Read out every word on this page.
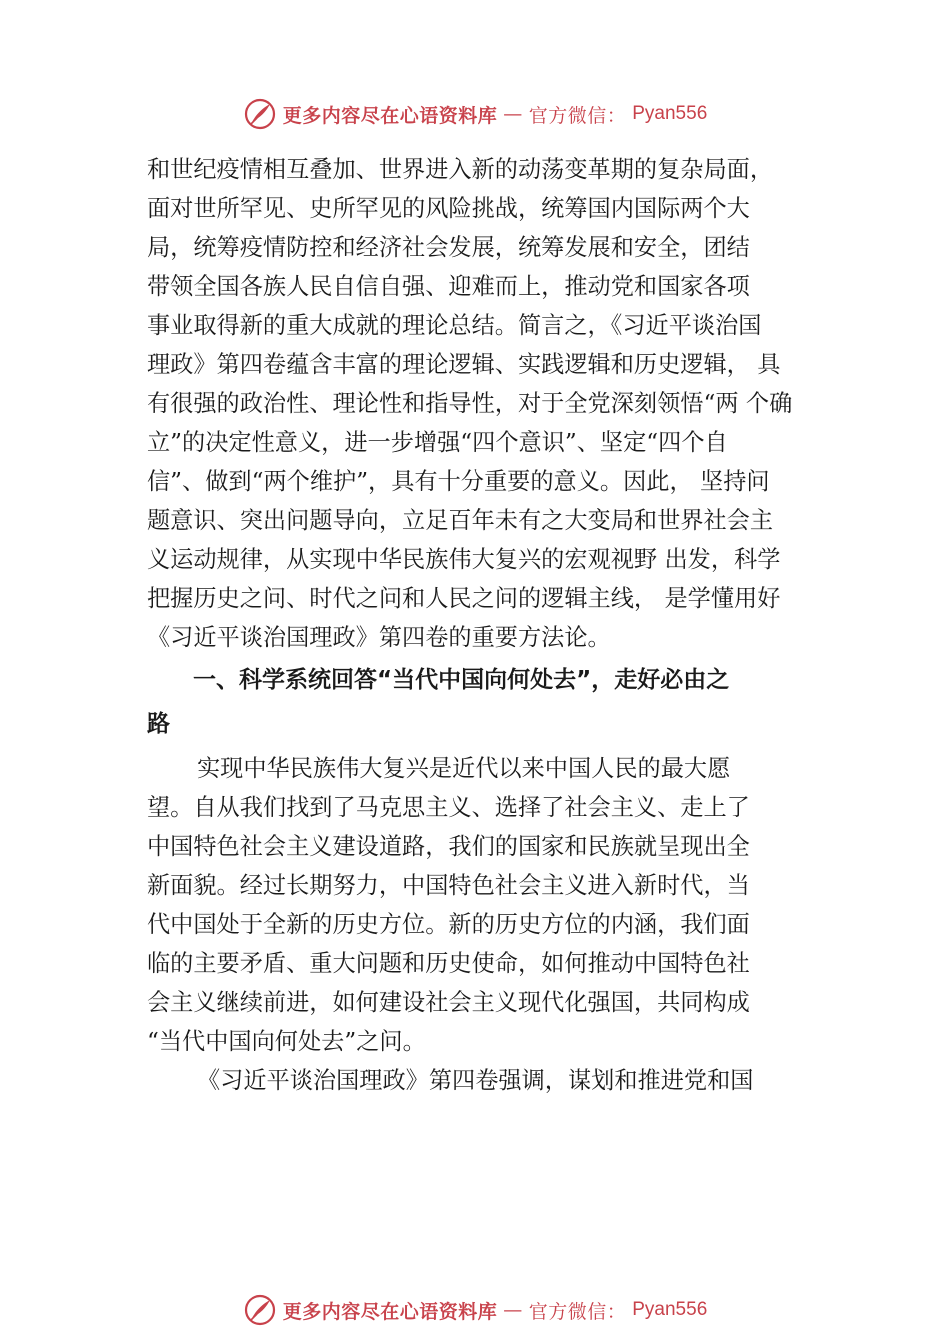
更多内容尽在心语资料库 — 官方微信： Pyan556
和世纪疫情相互叠加、世界进入新的动荡变革期的复杂局面，
面对世所罕见、史所罕见的风险挑战，统筹国内国际两个大
局，统筹疫情防控和经济社会发展，统筹发展和安全，团结
带领全国各族人民自信自强、迎难而上，推动党和国家各项
事业取得新的重大成就的理论总结。简言之，《习近平谈治国
理政》第四卷蕴含丰富的理论逻辑、实践逻辑和历史逻辑， 具
有很强的政治性、理论性和指导性，对于全党深刻领悟“两 个确
立”的决定性意义，进一步增强“四个意识”、坚定“四个自
信”、做到“两个维护”，具有十分重要的意义。因此， 坚持问
题意识、突出问题导向，立足百年未有之大变局和世界社会主
义运动规律，从实现中华民族伟大复兴的宏观视野 出发，科学
把握历史之问、时代之问和人民之问的逻辑主线， 是学懂用好
《习近平谈治国理政》第四卷的重要方法论。
一、科学系统回答“当代中国向何处去”，走好必由之
路
实现中华民族伟大复兴是近代以来中国人民的最大愿
望。自从我们找到了马克思主义、选择了社会主义、走上了
中国特色社会主义建设道路，我们的国家和民族就呈现出全
新面貌。经过长期努力，中国特色社会主义进入新时代，当
代中国处于全新的历史方位。新的历史方位的内涵，我们面
临的主要矛盾、重大问题和历史使命，如何推动中国特色社
会主义继续前进，如何建设社会主义现代化强国，共同构成
“当代中国向何处去”之问。
《习近平谈治国理政》第四卷强调，谋划和推进党和国
更多内容尽在心语资料库 — 官方微信： Pyan556
